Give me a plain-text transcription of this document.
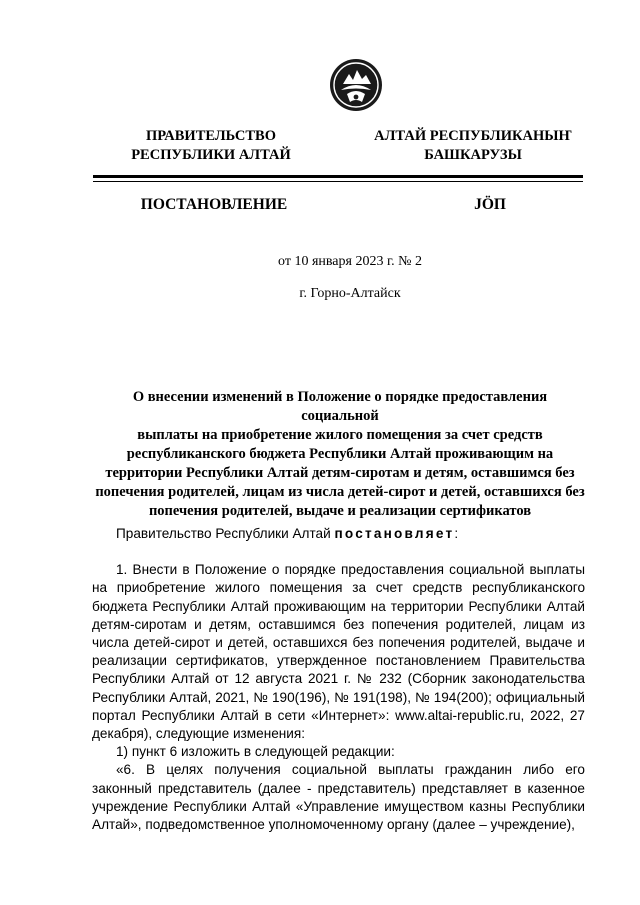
ПРАВИТЕЛЬСТВО
РЕСПУБЛИКИ АЛТАЙ
АЛТАЙ РЕСПУБЛИКАНЫҤ
БАШКАРУЗЫ
ПОСТАНОВЛЕНИЕ	JӦП
от 10 января 2023 г. № 2
г. Горно-Алтайск
О внесении изменений в Положение о порядке предоставления социальной
выплаты на приобретение жилого помещения за счет средств
республиканского бюджета Республики Алтай проживающим на
территории Республики Алтай детям-сиротам и детям, оставшимся без
попечения родителей, лицам из числа детей-сирот и детей, оставшихся без
попечения родителей, выдаче и реализации сертификатов

Правительство Республики Алтай постановляет:

1. Внести в Положение о порядке предоставления социальной выплаты на приобретение жилого помещения за счет средств республиканского бюджета Республики Алтай проживающим на территории Республики Алтай детям-сиротам и детям, оставшимся без попечения родителей, лицам из числа детей-сирот и детей, оставшихся без попечения родителей, выдаче и реализации сертификатов, утвержденное постановлением Правительства Республики Алтай от 12 августа 2021 г. № 232 (Сборник законодательства Республики Алтай, 2021, № 190(196), № 191(198), № 194(200); официальный портал Республики Алтай в сети «Интернет»: www.altai-republic.ru, 2022, 27 декабря), следующие изменения:

1) пункт 6 изложить в следующей редакции:

«6. В целях получения социальной выплаты гражданин либо его законный представитель (далее - представитель) представляет в казенное учреждение Республики Алтай «Управление имуществом казны Республики Алтай», подведомственное уполномоченному органу (далее – учреждение),
